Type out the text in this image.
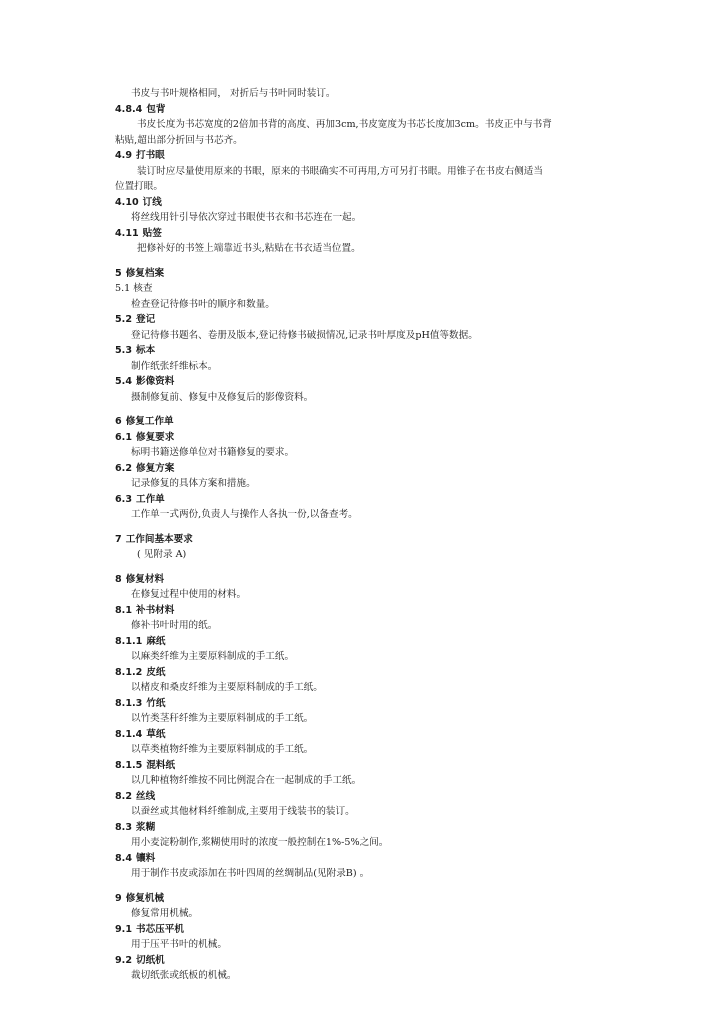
书皮与书叶规格相同， 对折后与书叶同时装订。
4.8.4 包背
书皮长度为书芯宽度的2倍加书背的高度、再加3cm,书皮宽度为书芯长度加3cm。书皮正中与书背
粘贴,超出部分折回与书芯齐。
4.9 打书眼
装订时应尽量使用原来的书眼，原来的书眼确实不可再用,方可另打书眼。用锥子在书皮右侧适当
位置打眼。
4.10 订线
将丝线用针引导依次穿过书眼使书衣和书芯连在一起。
4.11 贴签
把修补好的书签上端靠近书头,粘贴在书衣适当位置。
5 修复档案
5.1 核查
检查登记待修书叶的顺序和数量。
5.2 登记
登记待修书题名、卷册及版本,登记待修书破损情况,记录书叶厚度及pH值等数据。
5.3 标本
制作纸张纤维标本。
5.4 影像资料
摄制修复前、修复中及修复后的影像资料。
6 修复工作单
6.1 修复要求
标明书籍送修单位对书籍修复的要求。
6.2 修复方案
记录修复的具体方案和措施。
6.3 工作单
工作单一式两份,负责人与操作人各执一份,以备查考。
7 工作间基本要求
( 见附录 A)
8 修复材料
在修复过程中使用的材料。
8.1 补书材料
修补书叶时用的纸。
8.1.1 麻纸
以麻类纤维为主要原料制成的手工纸。
8.1.2 皮纸
以楮皮和桑皮纤维为主要原料制成的手工纸。
8.1.3 竹纸
以竹类茎秆纤维为主要原料制成的手工纸。
8.1.4 草纸
以草类植物纤维为主要原料制成的手工纸。
8.1.5 混料纸
以几种植物纤维按不同比例混合在一起制成的手工纸。
8.2 丝线
以蚕丝或其他材料纤维制成,主要用于线装书的装订。
8.3 浆糊
用小麦淀粉制作,浆糊使用时的浓度一般控制在1%-5%之间。
8.4 镶料
用于制作书皮或添加在书叶四周的丝绸制品(见附录B) 。
9 修复机械
修复常用机械。
9.1 书芯压平机
用于压平书叶的机械。
9.2 切纸机
裁切纸张或纸板的机械。
